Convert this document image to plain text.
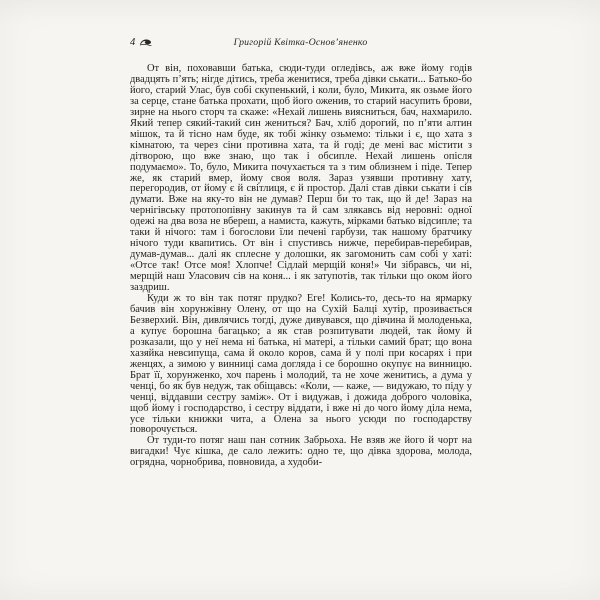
4	Григорій Квітка-Основ’яненко

От він, поховавши батька, сюди-туди огледівсь, аж вже йому годів двадцять п’ять; нігде дітись, треба женитися, треба дівки ськати... Батько-бо його, старий Улас, був собі скупенький, і коли, було, Микита, як озьме його за серце, стане батька прохати, щоб його оженив, то старий насупить брови, зирне на нього сторч та скаже: «Нехай лишень виясниться, бач, нахмарило. Який тепер сякий-такий син жениться? Бач, хліб дорогий, по п’яти алтин мішок, та й тісно нам буде, як тобі жінку озьмемо: тільки і є, що хата з кімнатою, та через сіни противна хата, та й годі; де мені вас містити з дітворою, що вже знаю, що так і обсипле. Нехай лишень опісля подумаємо». То, було, Микита почухається та з тим облизнем і піде. Тепер же, як старий вмер, йому своя воля. Зараз узявши противну хату, перегородив, от йому є й світлиця, є й простор. Далі став дівки ськати і сів думати. Вже на яку-то він не думав? Перш би то так, що й де! Зараз на чернігівську протопопівну закинув та й сам злякавсь від неровні: одної одежі на два воза не вбереш, а намиста, кажуть, мірками батько відсипле; та таки й нічого: там і богослови їли печені гарбузи, так нашому братчику нічого туди квапитись. От він і спустивсь нижче, перебирав-перебирав, думав-думав... далі як сплесне у долошки, як загомонить сам собі у хаті: «Отсе так! Отсе моя! Хлопче! Сідлай мерщій коня!» Чи зібравсь, чи ні, мерщій наш Уласович сів на коня... і як затупотів, так тільки що оком його заздриш.

Куди ж то він так потяг прудко? Еге! Колись-то, десь-то на ярмарку бачив він хорунжівну Олену, от що на Сухій Балці хутір, прозивається Безверхий. Він, дивлячись тогді, дуже дивувався, що дівчина й молоденька, а купує борошна багацько; а як став розпитувати людей, так йому й розказали, що у неї нема ні батька, ні матері, а тільки самий брат; що вона хазяйка невсипуща, сама й около коров, сама й у полі при косарях і при женцях, а зимою у винниці сама догляда і се борошно окупує на винницю. Брат її, хорунженко, хоч парень і молодий, та не хоче женитись, а дума у ченці, бо як був недуж, так обіщавсь: «Коли, — каже, — видужаю, то піду у ченці, віддавши сестру заміж». От і видужав, і дожида доброго чоловіка, щоб йому і господарство, і сестру віддати, і вже ні до чого йому діла нема, усе тільки книжки чита, а Олена за нього усюди по господарству поворочується.

От туди-то потяг наш пан сотник Забрьоха. Не взяв же його й чорт на вигадки! Чує кішка, де сало лежить: одно те, що дівка здорова, молода, огрядна, чорнобрива, повновида, а худоби-
